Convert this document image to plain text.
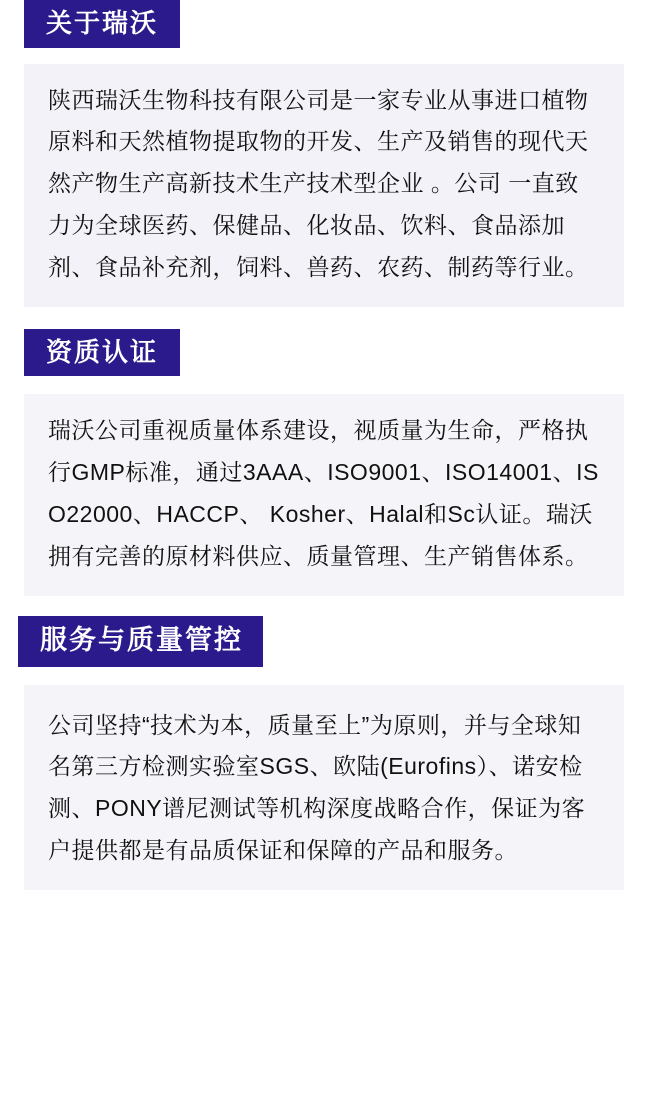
关于瑞沃
陕西瑞沃生物科技有限公司是一家专业从事进口植物原料和天然植物提取物的开发、生产及销售的现代天然产物生产高新技术生产技术型企业 。公司 一直致力为全球医药、保健品、化妆品、饮料、食品添加剂、食品补充剂，饲料、兽药、农药、制药等行业。
资质认证
瑞沃公司重视质量体系建设，视质量为生命，严格执行GMP标准，通过3AAA、ISO9001、ISO14001、ISO22000、HACCP、 Kosher、Halal和Sc认证。瑞沃拥有完善的原材料供应、质量管理、生产销售体系。
服务与质量管控
公司坚持“技术为本，质量至上”为原则，并与全球知名第三方检测实验室SGS、欧陆(Eurofins）、诺安检测、PONY谱尼测试等机构深度战略合作，保证为客户提供都是有品质保证和保障的产品和服务。
